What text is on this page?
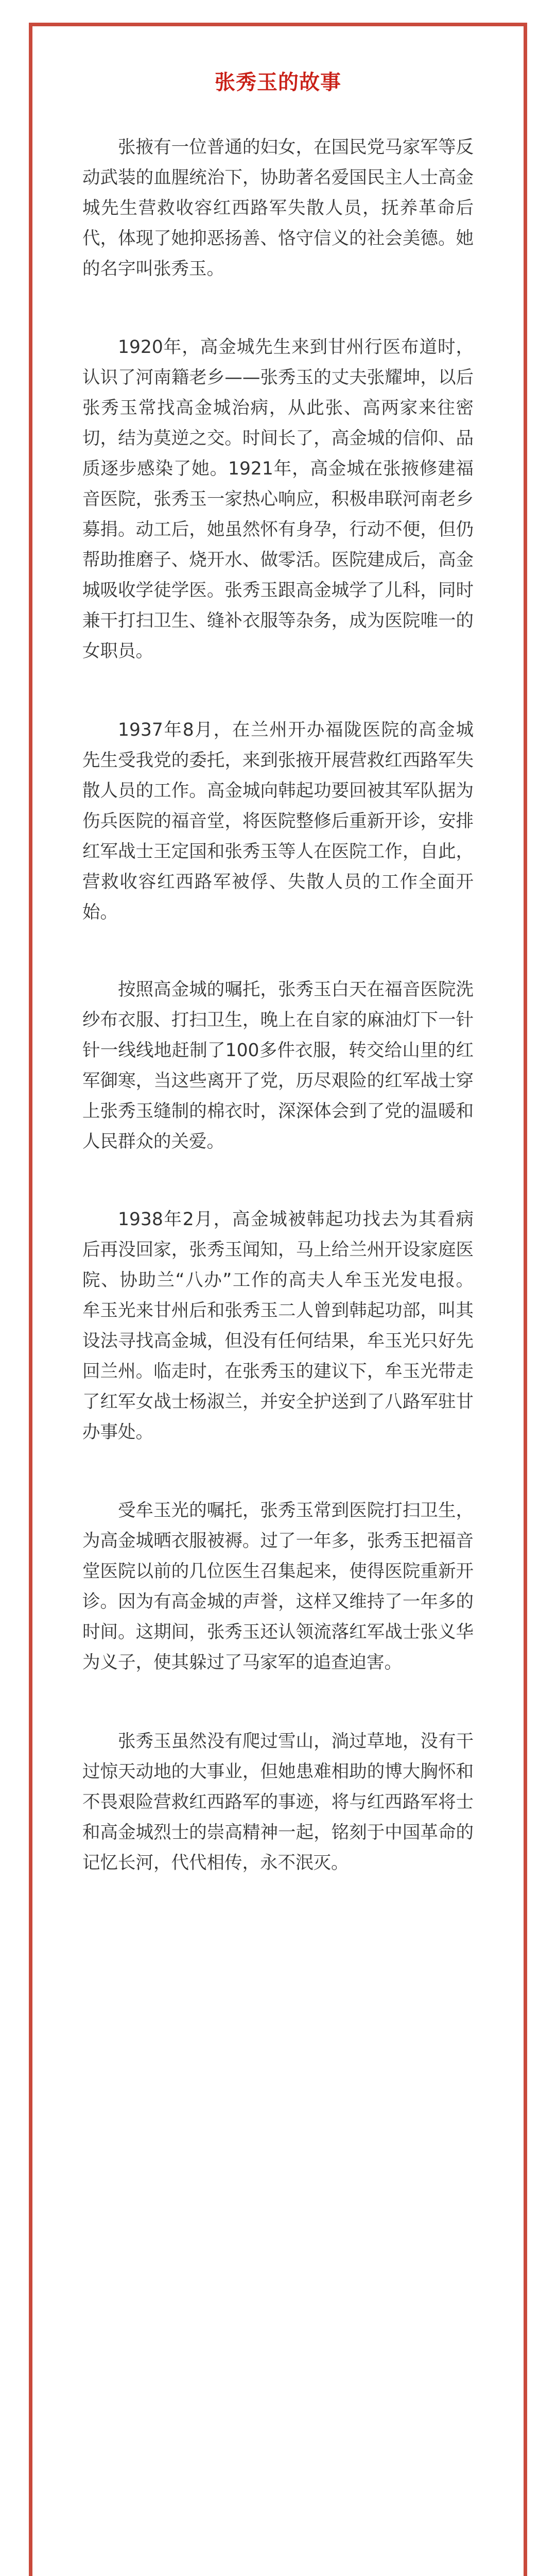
张秀玉的故事

张掖有一位普通的妇女，在国民党马家军等反动武装的血腥统治下，协助著名爱国民主人士高金城先生营救收容红西路军失散人员，抚养革命后代，体现了她抑恶扬善、恪守信义的社会美德。她的名字叫张秀玉。

1920年，高金城先生来到甘州行医布道时，认识了河南籍老乡——张秀玉的丈夫张耀坤，以后张秀玉常找高金城治病，从此张、高两家来往密切，结为莫逆之交。时间长了，高金城的信仰、品质逐步感染了她。1921年，高金城在张掖修建福音医院，张秀玉一家热心响应，积极串联河南老乡募捐。动工后，她虽然怀有身孕，行动不便，但仍帮助推磨子、烧开水、做零活。医院建成后，高金城吸收学徒学医。张秀玉跟高金城学了儿科，同时兼干打扫卫生、缝补衣服等杂务，成为医院唯一的女职员。

1937年8月，在兰州开办福陇医院的高金城先生受我党的委托，来到张掖开展营救红西路军失散人员的工作。高金城向韩起功要回被其军队据为伤兵医院的福音堂，将医院整修后重新开诊，安排红军战士王定国和张秀玉等人在医院工作，自此，营救收容红西路军被俘、失散人员的工作全面开始。

按照高金城的嘱托，张秀玉白天在福音医院洗纱布衣服、打扫卫生，晚上在自家的麻油灯下一针针一线线地赶制了100多件衣服，转交给山里的红军御寒，当这些离开了党，历尽艰险的红军战士穿上张秀玉缝制的棉衣时，深深体会到了党的温暖和人民群众的关爱。

1938年2月，高金城被韩起功找去为其看病后再没回家，张秀玉闻知，马上给兰州开设家庭医院、协助兰“八办”工作的高夫人牟玉光发电报。牟玉光来甘州后和张秀玉二人曾到韩起功部，叫其设法寻找高金城，但没有任何结果，牟玉光只好先回兰州。临走时，在张秀玉的建议下，牟玉光带走了红军女战士杨淑兰，并安全护送到了八路军驻甘办事处。

受牟玉光的嘱托，张秀玉常到医院打扫卫生，为高金城晒衣服被褥。过了一年多，张秀玉把福音堂医院以前的几位医生召集起来，使得医院重新开诊。因为有高金城的声誉，这样又维持了一年多的时间。这期间，张秀玉还认领流落红军战士张义华为义子，使其躲过了马家军的追查迫害。

张秀玉虽然没有爬过雪山，淌过草地，没有干过惊天动地的大事业，但她患难相助的博大胸怀和不畏艰险营救红西路军的事迹，将与红西路军将士和高金城烈士的崇高精神一起，铭刻于中国革命的记忆长河，代代相传，永不泯灭。
